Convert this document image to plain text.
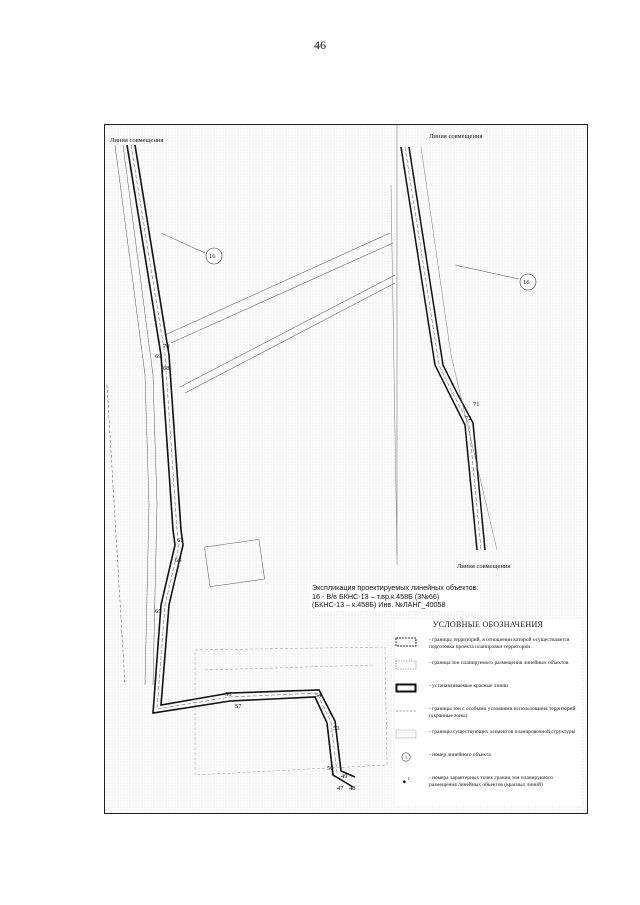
46
Линия совмещения
Линия совмещения
Линия совмещения
16
16
70
69
68
67
66
65
56
57
54
53
50
49
48
47
71
72
Экспликация проектируемых линейных объектов:
16 - В/в БКНС-13 – т.вр.к.458Б (3№66)
(БКНС-13 – к.458Б) Инв. №ЛАНГ_40058
УСЛОВНЫЕ ОБОЗНАЧЕНИЯ
- границы территорий, в отношении которой осуществляется подготовка проекта планировки территории
- граница зон планируемого размещения линейных объектов
- устанавливаемые красные линии
- границы зон с особыми условиями использования территорий (охранные зоны)
- границы существующих элементов планировочной структуры
1	- номер линейного объекта
1	- номера характерных точек границ зон планируемого размещения линейных объектов (красных линий)
